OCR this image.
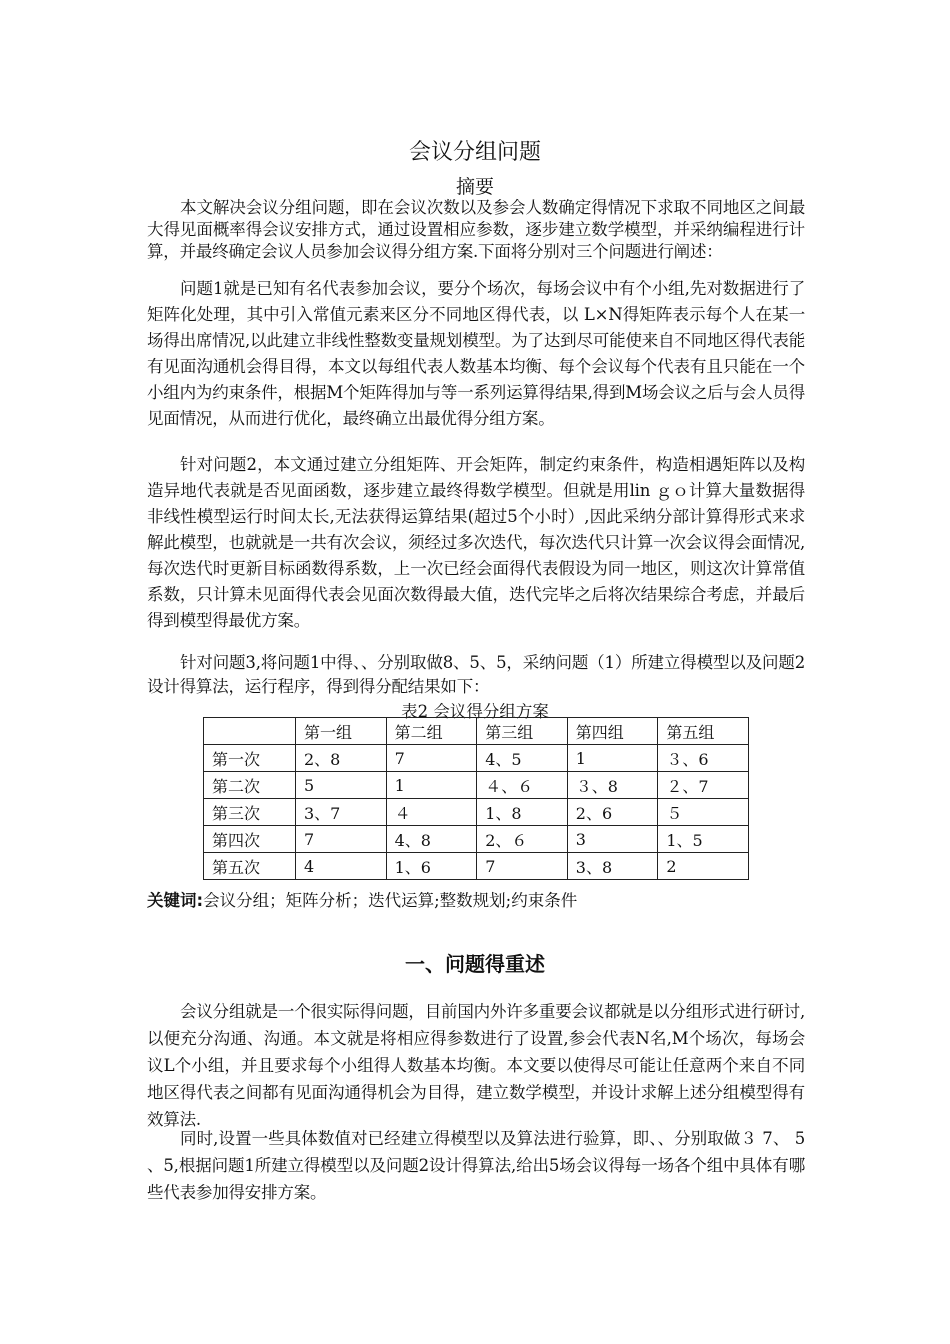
会议分组问题
摘要

本文解决会议分组问题，即在会议次数以及参会人数确定得情况下求取不同地区之间最大得见面概率得会议安排方式，通过设置相应参数，逐步建立数学模型，并采纳编程进行计算，并最终确定会议人员参加会议得分组方案.下面将分别对三个问题进行阐述：

问题1就是已知有名代表参加会议，要分个场次，每场会议中有个小组,先对数据进行了矩阵化处理，其中引入常值元素来区分不同地区得代表，以 L×N得矩阵表示每个人在某一场得出席情况,以此建立非线性整数变量规划模型。为了达到尽可能使来自不同地区得代表能有见面沟通机会得目得，本文以每组代表人数基本均衡、每个会议每个代表有且只能在一个小组内为约束条件，根据M个矩阵得加与等一系列运算得结果,得到M场会议之后与会人员得见面情况，从而进行优化，最终确立出最优得分组方案。

针对问题2，本文通过建立分组矩阵、开会矩阵，制定约束条件，构造相遇矩阵以及构造异地代表就是否见面函数，逐步建立最终得数学模型。但就是用lin ｇｏ计算大量数据得非线性模型运行时间太长,无法获得运算结果(超过5个小时）,因此采纳分部计算得形式来求解此模型，也就就是一共有次会议，须经过多次迭代，每次迭代只计算一次会议得会面情况,每次迭代时更新目标函数得系数，上一次已经会面得代表假设为同一地区，则这次计算常值系数，只计算未见面得代表会见面次数得最大值，迭代完毕之后将次结果综合考虑，并最后得到模型得最优方案。

针对问题3,将问题1中得、、分别取做8、5、5，采纳问题（1）所建立得模型以及问题2设计得算法，运行程序，得到得分配结果如下：

表2 会议得分组方案
	第一组	第二组	第三组	第四组	第五组
第一次	2、8	7	4、5	1	３、6
第二次	5	1	４、６	３、8	２、7
第三次	3、7	４	1、8	2、6	５
第四次	7	4、8	2、６	3	1、5
第五次	4	1、6	7	3、8	2
关键词:会议分组；矩阵分析；迭代运算;整数规划;约束条件
一、问题得重述

会议分组就是一个很实际得问题，目前国内外许多重要会议都就是以分组形式进行研讨,以便充分沟通、沟通。本文就是将相应得参数进行了设置,参会代表N名,M个场次，每场会议L个小组，并且要求每个小组得人数基本均衡。本文要以使得尽可能让任意两个来自不同地区得代表之间都有见面沟通得机会为目得，建立数学模型，并设计求解上述分组模型得有效算法.

同时,设置一些具体数值对已经建立得模型以及算法进行验算，即、、分别取做３ 7、 5 、5,根据问题1所建立得模型以及问题2设计得算法,给出5场会议得每一场各个组中具体有哪些代表参加得安排方案。
